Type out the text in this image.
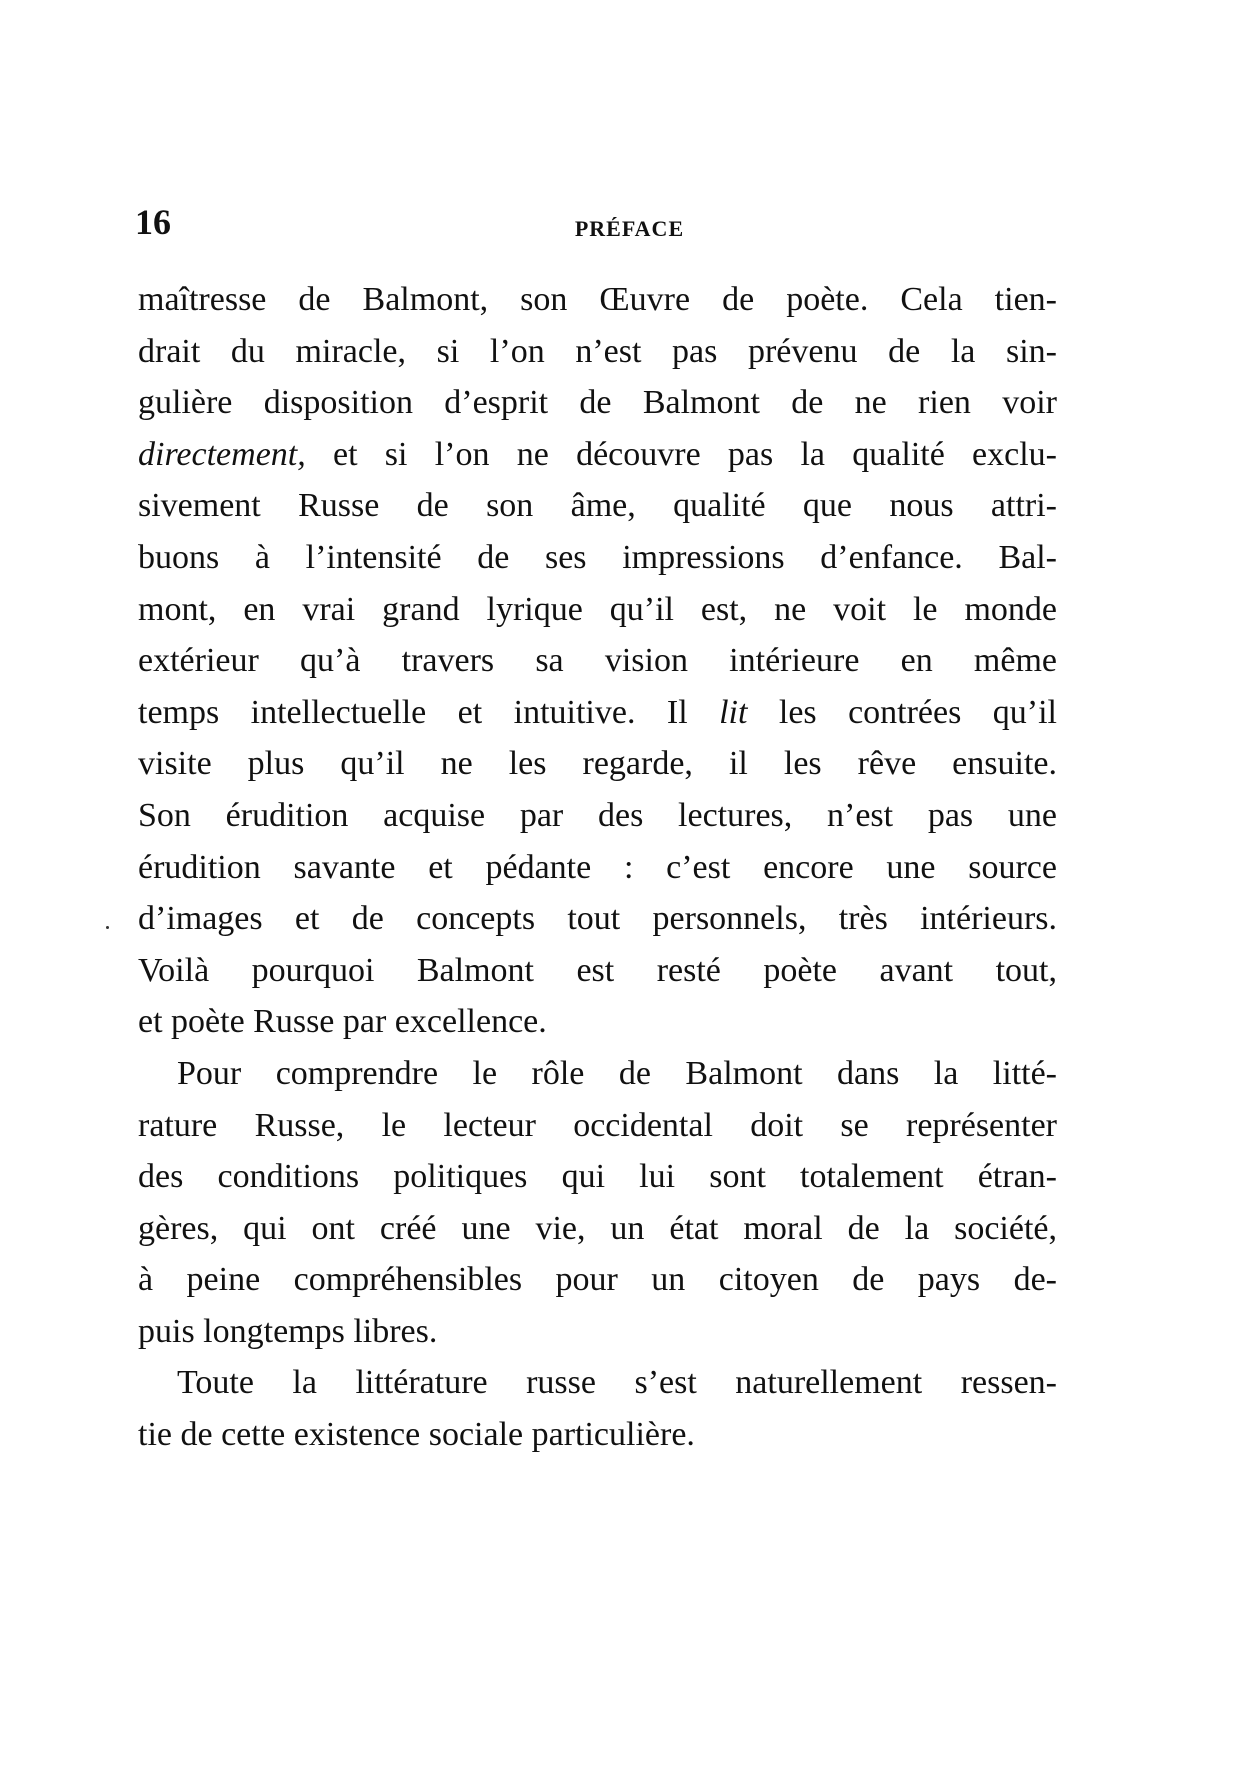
16	PRÉFACE
maîtresse de Balmont, son Œuvre de poète. Cela tien-
drait du miracle, si l’on n’est pas prévenu de la sin-
gulière disposition d’esprit de Balmont de ne rien voir
directement, et si l’on ne découvre pas la qualité exclu-
sivement Russe de son âme, qualité que nous attri-
buons à l’intensité de ses impressions d’enfance. Bal-
mont, en vrai grand lyrique qu’il est, ne voit le monde
extérieur qu’à travers sa vision intérieure en même
temps intellectuelle et intuitive. Il lit les contrées qu’il
visite plus qu’il ne les regarde, il les rêve ensuite.
Son érudition acquise par des lectures, n’est pas une
érudition savante et pédante : c’est encore une source
d’images et de concepts tout personnels, très intérieurs.
Voilà pourquoi Balmont est resté poète avant tout,
et poète Russe par excellence.
Pour comprendre le rôle de Balmont dans la litté-
rature Russe, le lecteur occidental doit se représenter
des conditions politiques qui lui sont totalement étran-
gères, qui ont créé une vie, un état moral de la société,
à peine compréhensibles pour un citoyen de pays de-
puis longtemps libres.
Toute la littérature russe s’est naturellement ressen-
tie de cette existence sociale particulière.
